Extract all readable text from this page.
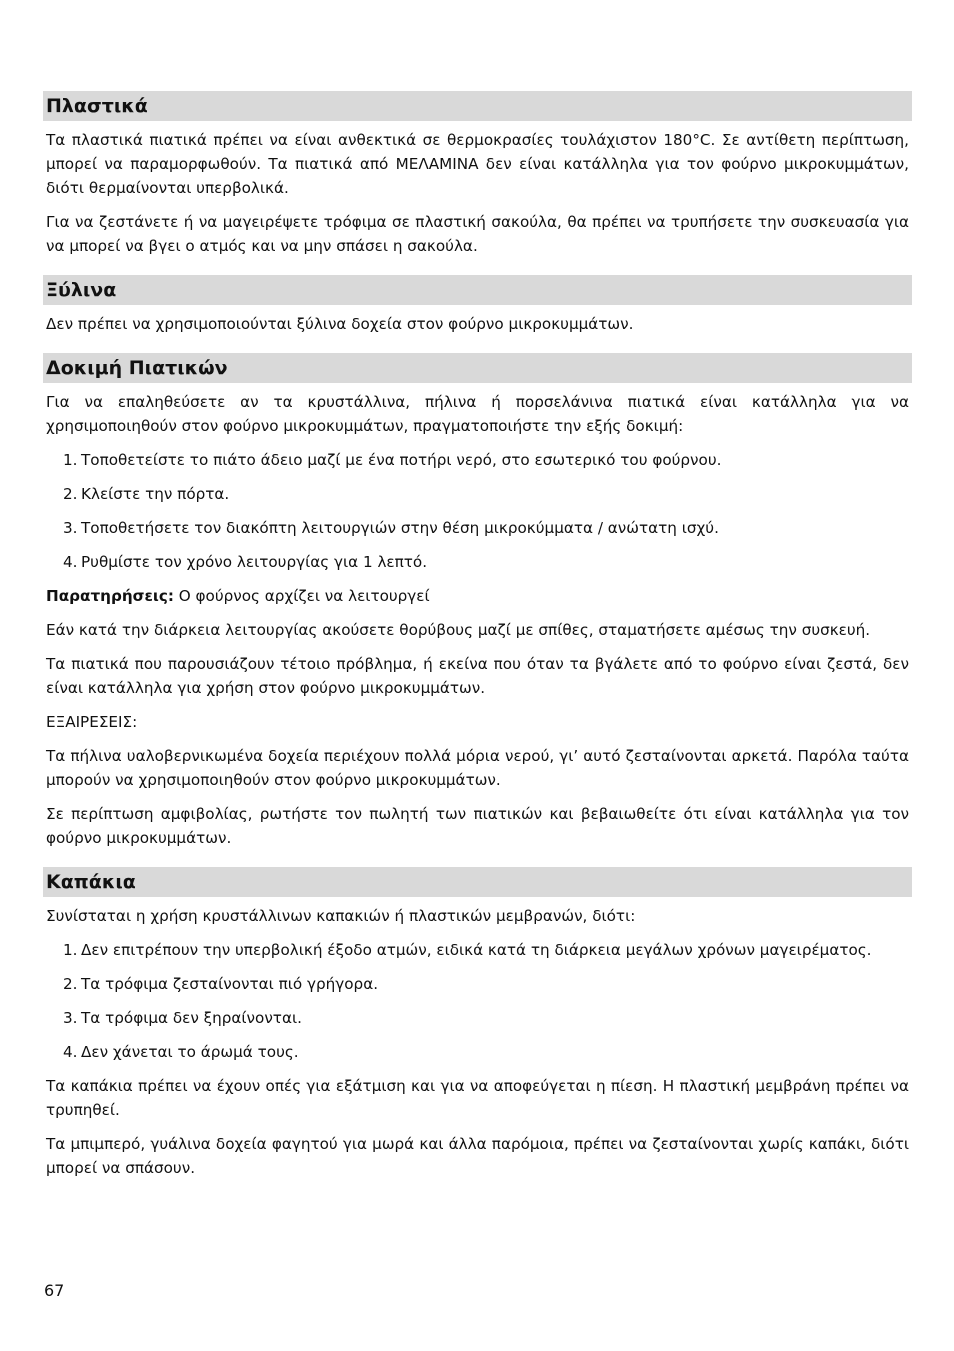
Πλαστικά

Τα πλαστικά πιατικά πρέπει να είναι ανθεκτικά σε θερμοκρασίες τουλάχιστον 180°C. Σε αντίθετη περίπτωση, μπορεί να παραμορφωθούν. Τα πιατικά από ΜΕΛΑΜΙΝΑ δεν είναι κατάλληλα για τον φούρνο μικροκυμμάτων, διότι θερμαίνονται υπερβολικά.

Για να ζεστάνετε ή να μαγειρέψετε τρόφιμα σε πλαστική σακούλα, θα πρέπει να τρυπήσετε την συσκευασία για να μπορεί να βγει ο ατμός και να μην σπάσει η σακούλα.

Ξύλινα

Δεν πρέπει να χρησιμοποιούνται ξύλινα δοχεία στον φούρνο μικροκυμμάτων.

Δοκιμή Πιατικών

Για να επαληθεύσετε αν τα κρυστάλλινα, πήλινα ή πορσελάνινα πιατικά είναι κατάλληλα για να χρησιμοποιηθούν στον φούρνο μικροκυμμάτων, πραγματοποιήστε την εξής δοκιμή:

1. Τοποθετείστε το πιάτο άδειο μαζί με ένα ποτήρι νερό, στο εσωτερικό του φούρνου.
2. Κλείστε την πόρτα.
3. Τοποθετήσετε τον διακόπτη λειτουργιών στην θέση μικροκύμματα / ανώτατη ισχύ.
4. Ρυθμίστε τον χρόνο λειτουργίας για 1 λεπτό.

Παρατηρήσεις: Ο φούρνος αρχίζει να λειτουργεί

Εάν κατά την διάρκεια λειτουργίας ακούσετε θορύβους μαζί με σπίθες, σταματήσετε αμέσως την συσκευή.

Τα πιατικά που παρουσιάζουν τέτοιο πρόβλημα, ή εκείνα που όταν τα βγάλετε από το φούρνο είναι ζεστά, δεν είναι κατάλληλα για χρήση στον φούρνο μικροκυμμάτων.

ΕΞΑΙΡΕΣΕΙΣ:

Τα πήλινα υαλοβερνικωμένα δοχεία περιέχουν πολλά μόρια νερού, γι’ αυτό ζεσταίνονται αρκετά. Παρόλα ταύτα μπορούν να χρησιμοποιηθούν στον φούρνο μικροκυμμάτων.

Σε περίπτωση αμφιβολίας, ρωτήστε τον πωλητή των πιατικών και βεβαιωθείτε ότι είναι κατάλληλα για τον φούρνο μικροκυμμάτων.

Καπάκια

Συνίσταται η χρήση κρυστάλλινων καπακιών ή πλαστικών μεμβρανών, διότι:

1. Δεν επιτρέπουν την υπερβολική έξοδο ατμών, ειδικά κατά τη διάρκεια μεγάλων χρόνων μαγειρέματος.
2. Τα τρόφιμα ζεσταίνονται πιό γρήγορα.
3. Τα τρόφιμα δεν ξηραίνονται.
4. Δεν χάνεται το άρωμά τους.

Τα καπάκια πρέπει να έχουν οπές για εξάτμιση και για να αποφεύγεται η πίεση. Η πλαστική μεμβράνη πρέπει να τρυπηθεί.

Τα μπιμπερό, γυάλινα δοχεία φαγητού για μωρά και άλλα παρόμοια, πρέπει να ζεσταίνονται χωρίς καπάκι, διότι μπορεί να σπάσουν.

67
